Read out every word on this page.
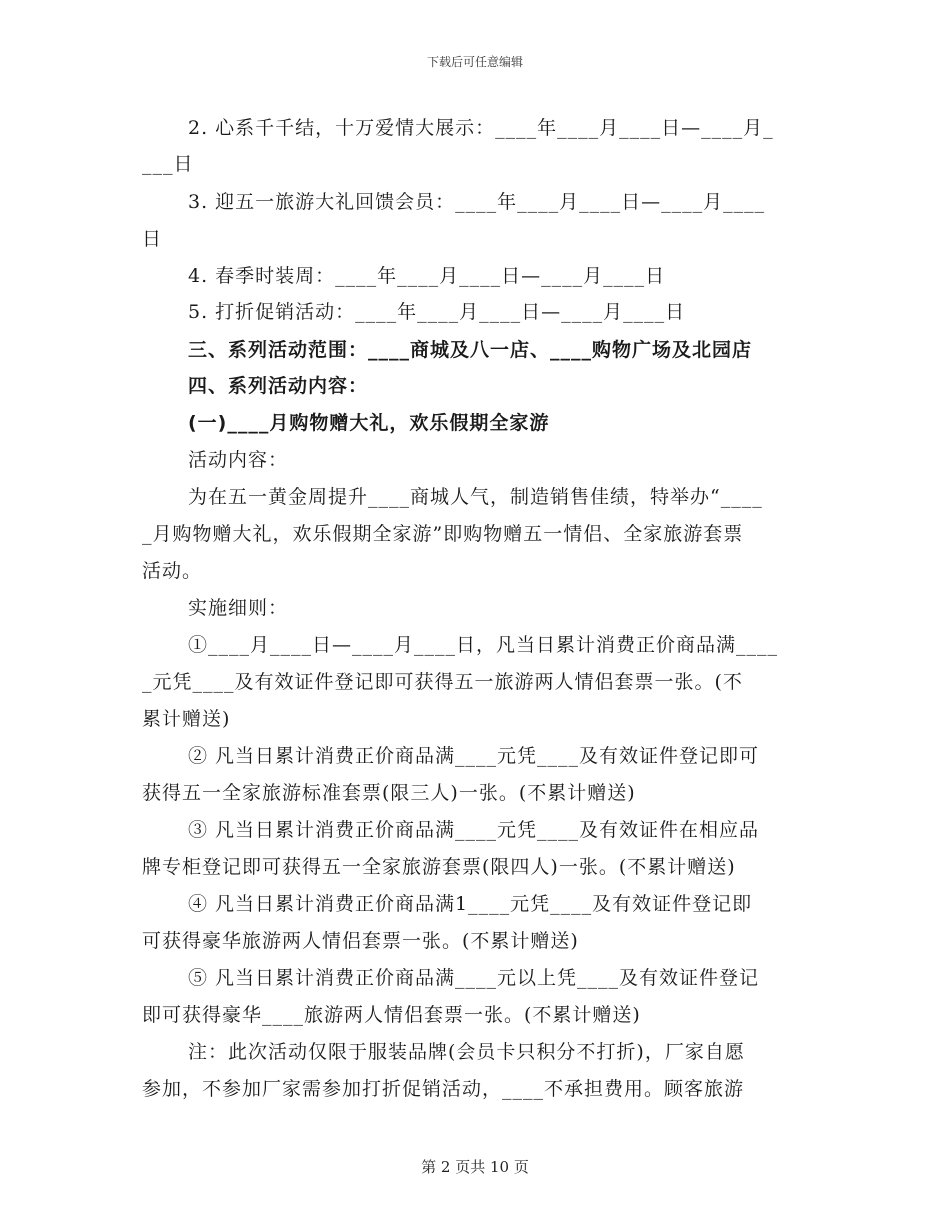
下载后可任意编辑
2. 心系千千结，十万爱情大展示：____年____月____日—____月_
___日
3. 迎五一旅游大礼回馈会员：____年____月____日—____月____
日
4. 春季时装周：____年____月____日—____月____日
5. 打折促销活动：____年____月____日—____月____日
三、系列活动范围：____商城及八一店、____购物广场及北园店
四、系列活动内容：
(一)____月购物赠大礼，欢乐假期全家游
活动内容：
为在五一黄金周提升____商城人气，制造销售佳绩，特举办“____
_月购物赠大礼，欢乐假期全家游”即购物赠五一情侣、全家旅游套票
活动。
实施细则：
①____月____日—____月____日，凡当日累计消费正价商品满____
_元凭____及有效证件登记即可获得五一旅游两人情侣套票一张。(不
累计赠送)
② 凡当日累计消费正价商品满____元凭____及有效证件登记即可
获得五一全家旅游标准套票(限三人)一张。(不累计赠送)
③ 凡当日累计消费正价商品满____元凭____及有效证件在相应品
牌专柜登记即可获得五一全家旅游套票(限四人)一张。(不累计赠送)
④ 凡当日累计消费正价商品满1____元凭____及有效证件登记即
可获得豪华旅游两人情侣套票一张。(不累计赠送)
⑤ 凡当日累计消费正价商品满____元以上凭____及有效证件登记
即可获得豪华____旅游两人情侣套票一张。(不累计赠送)
注：此次活动仅限于服装品牌(会员卡只积分不打折)，厂家自愿
参加，不参加厂家需参加打折促销活动，____不承担费用。顾客旅游
第 2 页共 10 页
